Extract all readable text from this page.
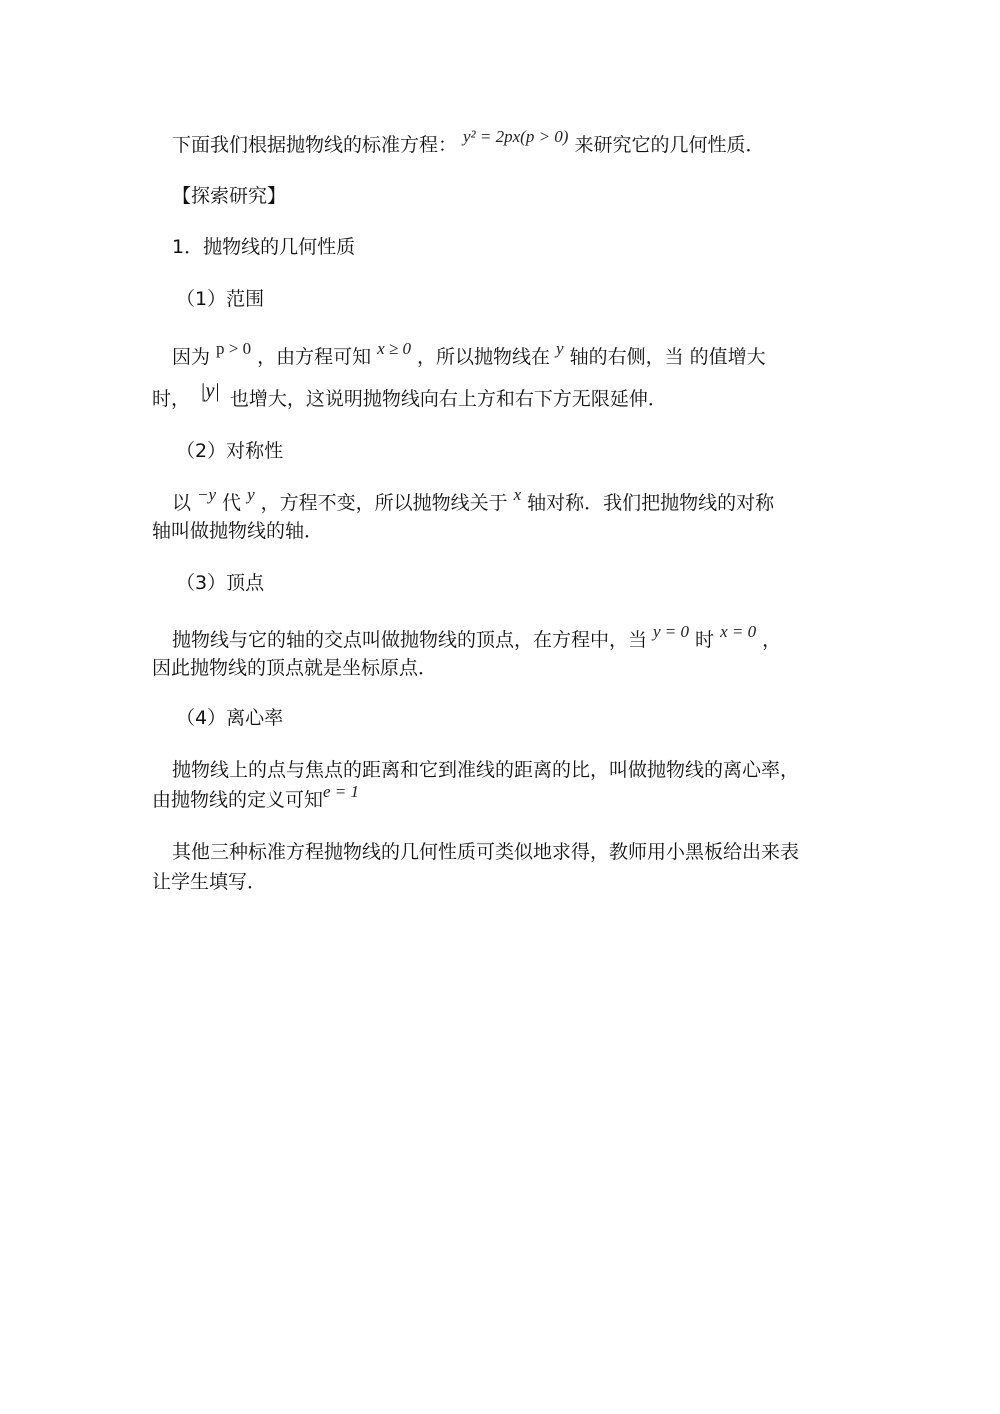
下面我们根据抛物线的标准方程： y² = 2px(p > 0) 来研究它的几何性质．
【探索研究】
1．抛物线的几何性质
（1）范围
因为 p > 0 ，由方程可知 x ≥ 0 ，所以抛物线在 y 轴的右侧，当 的值增大
时， |y| 也增大，这说明抛物线向右上方和右下方无限延伸．
（2）对称性
以 −y 代 y ，方程不变，所以抛物线关于 x 轴对称．我们把抛物线的对称
轴叫做抛物线的轴．
（3）顶点
抛物线与它的轴的交点叫做抛物线的顶点，在方程中，当 y = 0 时 x = 0 ，
因此抛物线的顶点就是坐标原点．
（4）离心率
抛物线上的点与焦点的距离和它到准线的距离的比，叫做抛物线的离心率，
由抛物线的定义可知e = 1
其他三种标准方程抛物线的几何性质可类似地求得，教师用小黑板给出来表
让学生填写．
